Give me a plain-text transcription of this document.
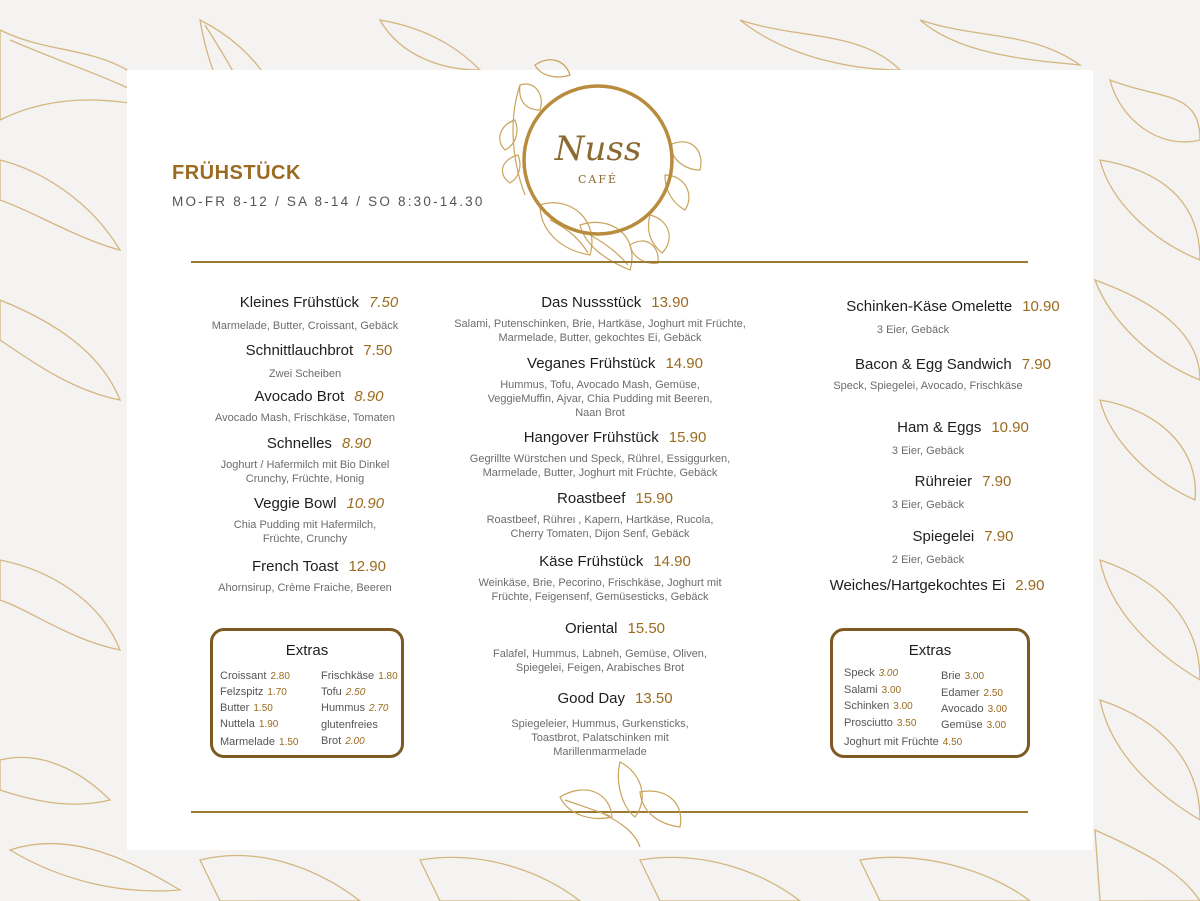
Nuss
CAFÉ
FRÜHSTÜCK
MO-FR 8-12 / SA 8-14 / SO 8:30-14.30
Kleines Frühstück 7.50
Marmelade, Butter, Croissant, Gebäck
Schnittlauchbrot 7.50
Zwei Scheiben
Avocado Brot 8.90
Avocado Mash, Frischkäse, Tomaten
Schnelles 8.90
Joghurt / Hafermilch mit Bio Dinkel Crunchy, Früchte, Honig
Veggie Bowl 10.90
Chia Pudding mit Hafermilch, Früchte, Crunchy
French Toast 12.90
Ahornsirup, Crème Fraiche, Beeren
Das Nussstück 13.90
Salami, Putenschinken, Brie, Hartkäse, Joghurt mit Früchte, Marmelade, Butter, gekochtes Ei, Gebäck
Veganes Frühstück 14.90
Hummus, Tofu, Avocado Mash, Gemüse, VeggieMuffin, Ajvar, Chia Pudding mit Beeren, Naan Brot
Hangover Frühstück 15.90
Gegrillte Würstchen und Speck, RühreI, Essiggurken, Marmelade, Butter, Joghurt mit Früchte, Gebäck
Roastbeef 15.90
Roastbeef, Rühreι , Kapern, Hartkäse, Rucola, Cherry Tomaten, Dijon Senf, Gebäck
Käse Frühstück 14.90
Weinkäse, Brie, Pecorino, Frischkäse, Joghurt mit Früchte, Feigensenf, Gemüsesticks, Gebäck
Oriental 15.50
Falafel, Hummus, Labneh, Gemüse, Oliven, Spiegelei, Feigen, Arabisches Brot
Good Day 13.50
Spiegeleier, Hummus, Gurkensticks, Toastbrot, Palatschinken mit Marillenmarmelade
Schinken-Käse Omelette 10.90
3 Eier, Gebäck
Bacon & Egg Sandwich 7.90
Speck, Spiegelei, Avocado, Frischkäse
Ham & Eggs 10.90
3 Eier, Gebäck
Rühreier 7.90
3 Eier, Gebäck
Spiegelei 7.90
2 Eier, Gebäck
Weiches/Hartgekochtes Ei 2.90
Extras
Croissant 2.80
Felzspitz 1.70
Butter 1.50
Nuttela 1.90
Marmelade 1.50
Frischkäse 1.80
Tofu 2.50
Hummus 2.70
glutenfreies
Brot 2.00
Extras
Speck 3.00
Salami 3.00
Schinken 3.00
Prosciutto 3.50
Joghurt mit Früchte 4.50
Brie 3.00
Edamer 2.50
Avocado 3.00
Gemüse 3.00
